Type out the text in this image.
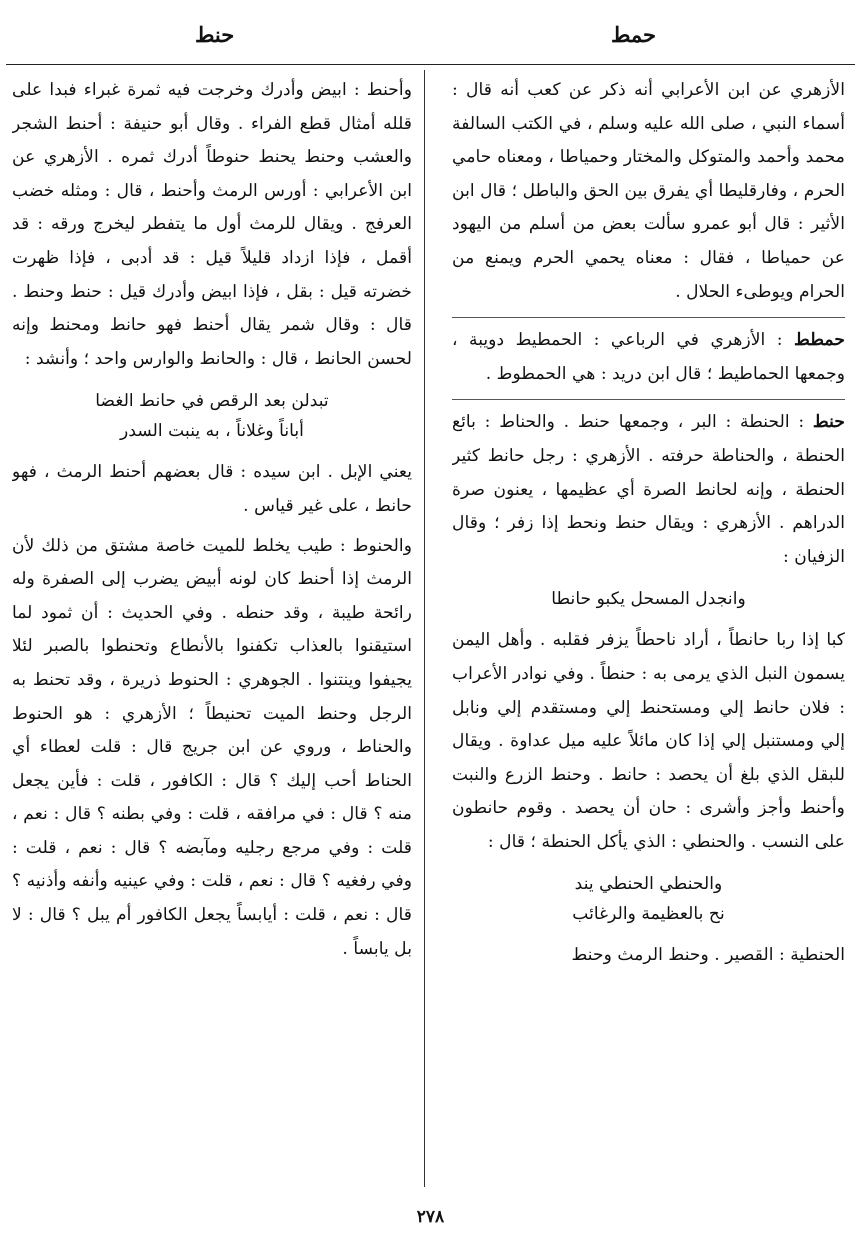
حمط
حنط

الأزهري عن ابن الأعرابي أنه ذكر عن كعب أنه قال : أسماء النبي ، صلى الله عليه وسلم ، في الكتب السالفة محمد وأحمد والمتوكل والمختار وحمياطا ، ومعناه حامي الحرم ، وفارقليطا أي يفرق بين الحق والباطل ؛ قال ابن الأثير : قال أبو عمرو سألت بعض من أسلم من اليهود عن حمياطا ، فقال : معناه يحمي الحرم ويمنع من الحرام ويوطىء الحلال .

حمطط : الأزهري في الرباعي : الحمطيط دويبة ، وجمعها الحماطيط ؛ قال ابن دريد : هي الحمطوط .

حنط : الحنطة : البر ، وجمعها حنط . والحناط : بائع الحنطة ، والحناطة حرفته . الأزهري : رجل حانط كثير الحنطة ، وإنه لحانط الصرة أي عظيمها ، يعنون صرة الدراهم . الأزهري : ويقال حنط ونحط إذا زفر ؛ وقال الزفيان :

وانجدل المسحل يكبو حانطا

كبا إذا ربا حانطاً ، أراد ناحطاً يزفر فقلبه . وأهل اليمن يسمون النبل الذي يرمى به : حنطاً . وفي نوادر الأعراب : فلان حانط إلي ومستحنط إلي ومستقدم إلي ونابل إلي ومستنبل إلي إذا كان مائلاً عليه ميل عداوة . ويقال للبقل الذي بلغ أن يحصد : حانط . وحنط الزرع والنبت وأحنط وأجز وأشرى : حان أن يحصد . وقوم حانطون على النسب . والحنطي : الذي يأكل الحنطة ؛ قال :

والحنطي الحنطي يند
نح بالعظيمة والرغائب

الحنطية : القصير . وحنط الرمث وحنط

وأحنط : ابيض وأدرك وخرجت فيه ثمرة غبراء فبدا على قلله أمثال قطع الفراء . وقال أبو حنيفة : أحنط الشجر والعشب وحنط يحنط حنوطاً أدرك ثمره . الأزهري عن ابن الأعرابي : أورس الرمث وأحنط ، قال : ومثله خضب العرفج . ويقال للرمث أول ما يتفطر ليخرج ورقه : قد أقمل ، فإذا ازداد قليلاً قيل : قد أدبى ، فإذا ظهرت خضرته قيل : بقل ، فإذا ابيض وأدرك قيل : حنط وحنط . قال : وقال شمر يقال أحنط فهو حانط ومحنط وإنه لحسن الحانط ، قال : والحانط والوارس واحد ؛ وأنشد :

تبدلن بعد الرقص في حانط الغضا
أباناً وغلاناً ، به ينبت السدر

يعني الإبل . ابن سيده : قال بعضهم أحنط الرمث ، فهو حانط ، على غير قياس .

والحنوط : طيب يخلط للميت خاصة مشتق من ذلك لأن الرمث إذا أحنط كان لونه أبيض يضرب إلى الصفرة وله رائحة طيبة ، وقد حنطه . وفي الحديث : أن ثمود لما استيقنوا بالعذاب تكفنوا بالأنطاع وتحنطوا بالصبر لئلا يجيفوا وينتنوا . الجوهري : الحنوط ذريرة ، وقد تحنط به الرجل وحنط الميت تحنيطاً ؛ الأزهري : هو الحنوط والحناط ، وروي عن ابن جريج قال : قلت لعطاء أي الحناط أحب إليك ؟ قال : الكافور ، قلت : فأين يجعل منه ؟ قال : في مرافقه ، قلت : وفي بطنه ؟ قال : نعم ، قلت : وفي مرجع رجليه ومآبضه ؟ قال : نعم ، قلت : وفي رفغيه ؟ قال : نعم ، قلت : وفي عينيه وأنفه وأذنيه ؟ قال : نعم ، قلت : أيابساً يجعل الكافور أم يبل ؟ قال : لا بل يابساً .

٢٧٨
